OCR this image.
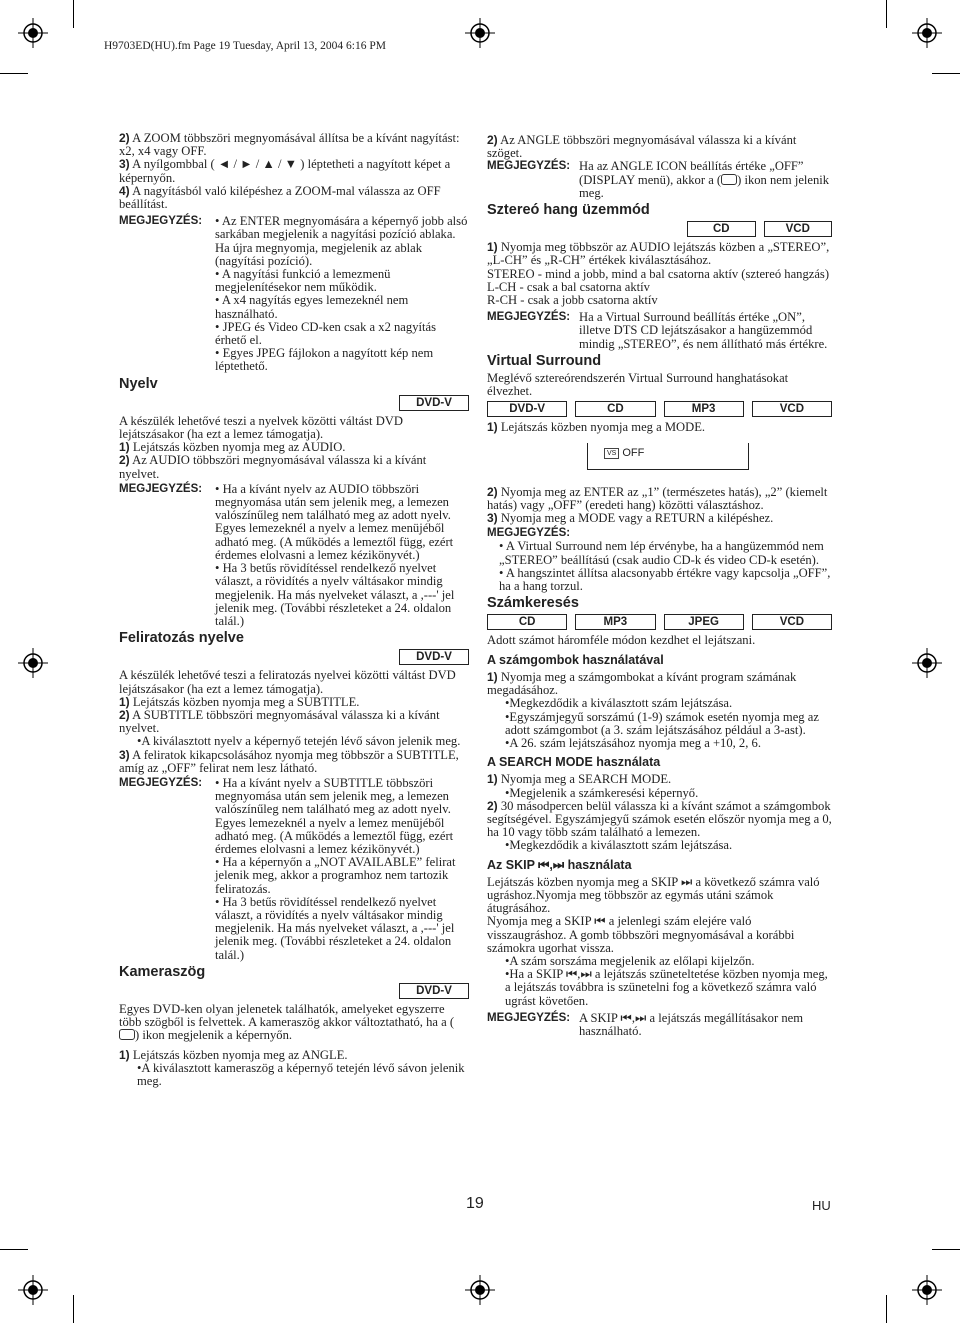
H9703ED(HU).fm Page 19 Tuesday, April 13, 2004 6:16 PM

2) A ZOOM többszöri megnyomásával állítsa be a kívánt nagyítást: x2, x4 vagy OFF.

3) A nyílgombbal ( ◄ / ► / ▲ / ▼ ) léptetheti a nagyított képet a képernyőn.

4) A nagyításból való kilépéshez a ZOOM-mal válassza az OFF beállítást.

MEGJEGYZÉS:	• Az ENTER megnyomására a képernyő jobb alsó sarkában megjelenik a nagyítási pozíció ablaka. Ha újra megnyomja, megjelenik az ablak (nagyítási pozíció).

• A nagyítási funkció a lemezmenü megjelenítésekor nem működik.

• A x4 nagyítás egyes lemezeknél nem használható.

• JPEG és Video CD-ken csak a x2 nagyítás érhető el.

• Egyes JPEG fájlokon a nagyított kép nem léptethető.

Nyelv
DVD-V

A készülék lehetővé teszi a nyelvek közötti váltást DVD lejátszásakor (ha ezt a lemez támogatja).

1) Lejátszás közben nyomja meg az AUDIO.

2) Az AUDIO többszöri megnyomásával válassza ki a kívánt nyelvet.

MEGJEGYZÉS:	• Ha a kívánt nyelv az AUDIO többszöri megnyomása után sem jelenik meg, a lemezen valószínűleg nem található meg az adott nyelv. Egyes lemezeknél a nyelv a lemez menüjéből adható meg. (A működés a lemeztől függ, ezért érdemes elolvasni a lemez kézikönyvét.)

• Ha 3 betűs rövidítéssel rendelkező nyelvet választ, a rövidítés a nyelv váltásakor mindig megjelenik. Ha más nyelveket választ, a ,---' jel jelenik meg. (További részleteket a 24. oldalon talál.)

Feliratozás nyelve
DVD-V

A készülék lehetővé teszi a feliratozás nyelvei közötti váltást DVD lejátszásakor (ha ezt a lemez támogatja).

1) Lejátszás közben nyomja meg a SUBTITLE.

2) A SUBTITLE többszöri megnyomásával válassza ki a kívánt nyelvet.

•A kiválasztott nyelv a képernyő tetején lévő sávon jelenik meg.

3) A feliratok kikapcsolásához nyomja meg többször a SUBTITLE, amíg az „OFF” felirat nem lesz látható.

MEGJEGYZÉS:	• Ha a kívánt nyelv a SUBTITLE többszöri megnyomása után sem jelenik meg, a lemezen valószínűleg nem található meg az adott nyelv. Egyes lemezeknél a nyelv a lemez menüjéből adható meg. (A működés a lemeztől függ, ezért érdemes elolvasni a lemez kézikönyvét.)

• Ha a képernyőn a „NOT AVAILABLE” felirat jelenik meg, akkor a programhoz nem tartozik feliratozás.

• Ha 3 betűs rövidítéssel rendelkező nyelvet választ, a rövidítés a nyelv váltásakor mindig megjelenik. Ha más nyelveket választ, a ,---' jel jelenik meg. (További részleteket a 24. oldalon talál.)

Kameraszög
DVD-V

Egyes DVD-ken olyan jelenetek találhatók, amelyeket egyszerre több szögből is felvettek. A kameraszög akkor változtatható, ha a () ikon megjelenik a képernyőn.

1) Lejátszás közben nyomja meg az ANGLE.

•A kiválasztott kameraszög a képernyő tetején lévő sávon jelenik meg.

2) Az ANGLE többszöri megnyomásával válassza ki a kívánt szöget.

MEGJEGYZÉS: Ha az ANGLE ICON beállítás értéke „OFF” (DISPLAY menü), akkor a ( ) ikon nem jelenik meg.

Sztereó hang üzemmód
CD	VCD

1) Nyomja meg többször az AUDIO lejátszás közben a „STEREO”, „L-CH” és „R-CH” értékek kiválasztásához.

STEREO - mind a jobb, mind a bal csatorna aktív (sztereó hangzás)

L-CH - csak a bal csatorna aktív

R-CH - csak a jobb csatorna aktív

MEGJEGYZÉS: Ha a Virtual Surround beállítás értéke „ON”, illetve DTS CD lejátszásakor a hangüzemmód mindig „STEREO”, és nem állítható más értékre.

Virtual Surround

Meglévő sztereórendszerén Virtual Surround hanghatásokat élvezhet.

DVD-V	CD	MP3	VCD

1) Lejátszás közben nyomja meg a MODE.

VS OFF

2) Nyomja meg az ENTER az „1” (természetes hatás), „2” (kiemelt hatás) vagy „OFF” (eredeti hang) közötti választáshoz.

3) Nyomja meg a MODE vagy a RETURN a kilépéshez.

MEGJEGYZÉS:

• A Virtual Surround nem lép érvénybe, ha a hangüzemmód nem „STEREO” beállítású (csak audio CD-k és video CD-k esetén).

• A hangszintet állítsa alacsonyabb értékre vagy kapcsolja „OFF”, ha a hang torzul.

Számkeresés
CD	MP3	JPEG	VCD

Adott számot háromféle módon kezdhet el lejátszani.

A számgombok használatával

1) Nyomja meg a számgombokat a kívánt program számának megadásához.

•Megkezdődik a kiválasztott szám lejátszása.

•Egyszámjegyű sorszámú (1-9) számok esetén nyomja meg az adott számgombot (a 3. szám lejátszásához például a 3-ast).

•A 26. szám lejátszásához nyomja meg a +10, 2, 6.

A SEARCH MODE használata

1) Nyomja meg a SEARCH MODE.

•Megjelenik a számkeresési képernyő.

2) 30 másodpercen belül válassza ki a kívánt számot a számgombok segítségével. Egyszámjegyű számok esetén először nyomja meg a 0, ha 10 vagy több szám található a lemezen.

•Megkezdődik a kiválasztott szám lejátszása.

Az SKIP ⏮,⏭ használata

Lejátszás közben nyomja meg a SKIP ⏭ a következő számra való ugráshoz.Nyomja meg többször az egymás utáni számok átugrásához.

Nyomja meg a SKIP ⏮ a jelenlegi szám elejére való visszaugráshoz. A gomb többszöri megnyomásával a korábbi számokra ugorhat vissza.

•A szám sorszáma megjelenik az előlapi kijelzőn.

•Ha a SKIP ⏮,⏭ a lejátszás szüneteltetése közben nyomja meg, a lejátszás továbbra is szünetelni fog a következő számra való ugrást követően.

MEGJEGYZÉS: A SKIP ⏮,⏭ a lejátszás megállításakor nem használható.

19	HU
